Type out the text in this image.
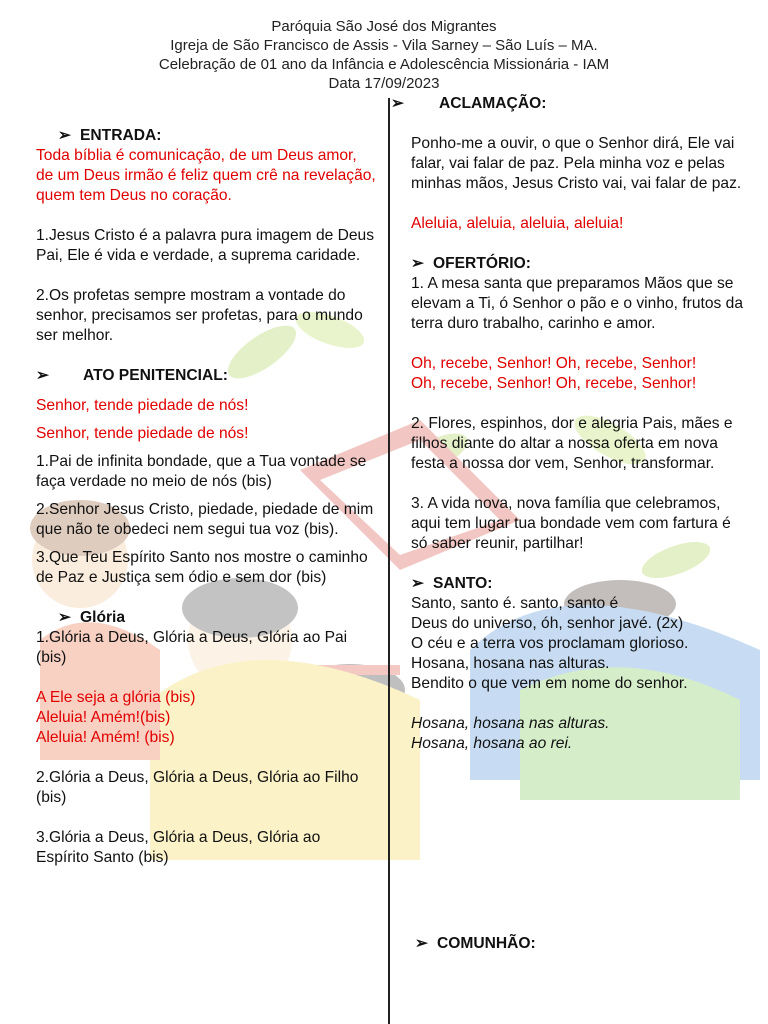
Paróquia São José dos Migrantes
Igreja de São Francisco de Assis - Vila Sarney – São Luís – MA.
Celebração de 01 ano da Infância e Adolescência Missionária - IAM
Data 17/09/2023
➢ ENTRADA:

Toda bíblia é comunicação, de um Deus amor, de um Deus irmão é feliz quem crê na revelação, quem tem Deus no coração.

1.Jesus Cristo é a palavra pura imagem de Deus Pai, Ele é vida e verdade, a suprema caridade.

2.Os profetas sempre mostram a vontade do senhor, precisamos ser profetas, para o mundo ser melhor.

➢ ATO PENITENCIAL:

Senhor, tende piedade de nós!

Senhor, tende piedade de nós!

1.Pai de infinita bondade, que a Tua vontade se faça verdade no meio de nós (bis)

2.Senhor Jesus Cristo, piedade, piedade de mim que não te obedeci nem segui tua voz (bis).

3.Que Teu Espírito Santo nos mostre o caminho de Paz e Justiça sem ódio e sem dor (bis)

➢ Glória

1.Glória a Deus, Glória a Deus, Glória ao Pai (bis)

A Ele seja a glória (bis)

Aleluia! Amém!(bis)

Aleluia! Amém! (bis)

2.Glória a Deus, Glória a Deus, Glória ao Filho (bis)

3.Glória a Deus, Glória a Deus, Glória ao Espírito Santo (bis)

➢ ACLAMAÇÃO:

Ponho-me a ouvir, o que o Senhor dirá, Ele vai falar, vai falar de paz. Pela minha voz e pelas minhas mãos, Jesus Cristo vai, vai falar de paz.

Aleluia, aleluia, aleluia, aleluia!

➢ OFERTÓRIO:

1. A mesa santa que preparamos Mãos que se elevam a Ti, ó Senhor o pão e o vinho, frutos da terra duro trabalho, carinho e amor.

Oh, recebe, Senhor! Oh, recebe, Senhor!

Oh, recebe, Senhor! Oh, recebe, Senhor!

2. Flores, espinhos, dor e alegria Pais, mães e filhos diante do altar a nossa oferta em nova festa a nossa dor vem, Senhor, transformar.

3. A vida nova, nova família que celebramos, aqui tem lugar tua bondade vem com fartura é só saber reunir, partilhar!

➢ SANTO:

Santo, santo é. santo, santo é

Deus do universo, óh, senhor javé. (2x)

O céu e a terra vos proclamam glorioso.

Hosana, hosana nas alturas.

Bendito o que vem em nome do senhor.

Hosana, hosana nas alturas.

Hosana, hosana ao rei.

➢ COMUNHÃO:
